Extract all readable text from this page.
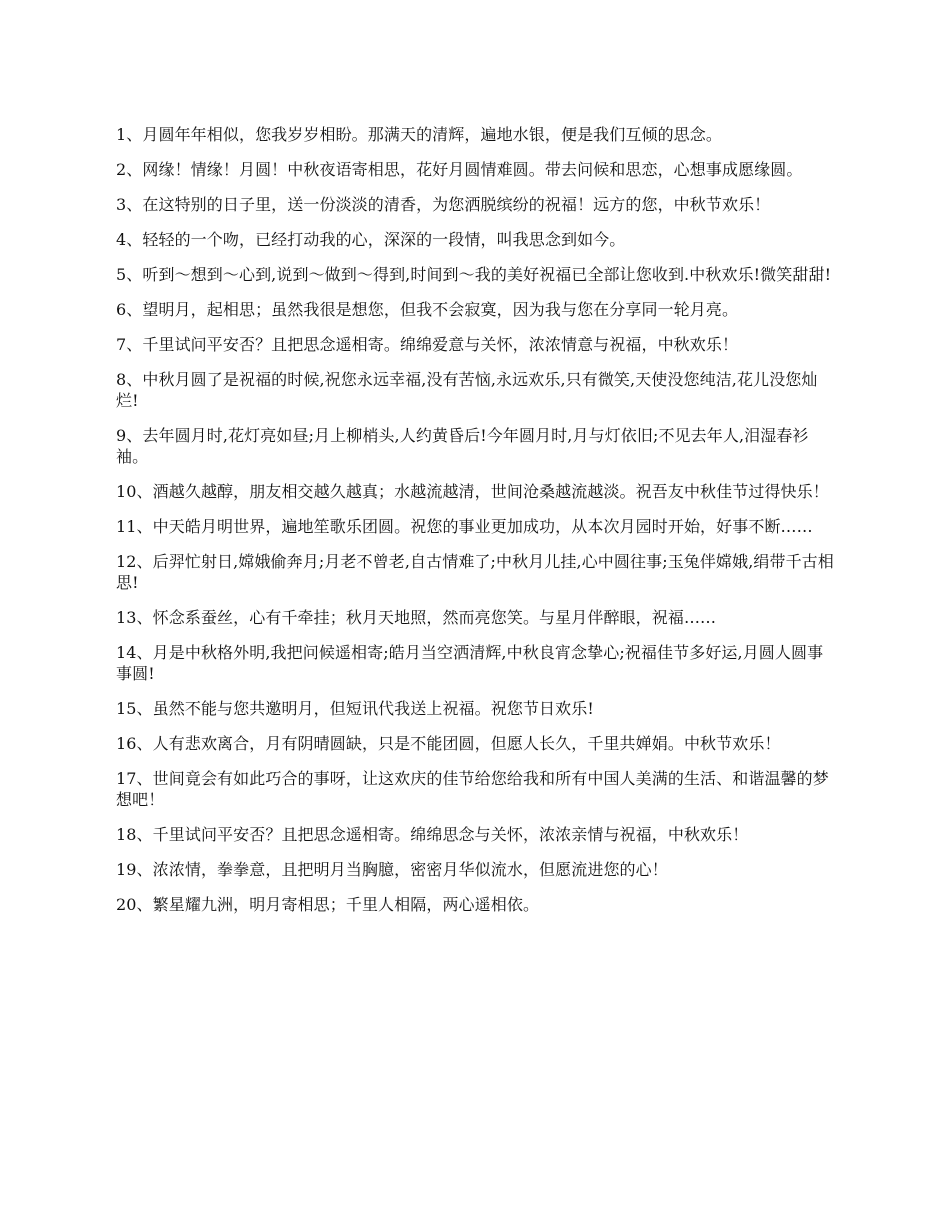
1、月圆年年相似，您我岁岁相盼。那满天的清辉，遍地水银，便是我们互倾的思念。

2、网缘！情缘！月圆！中秋夜语寄相思，花好月圆情难圆。带去问候和思恋，心想事成愿缘圆。

3、在这特别的日子里，送一份淡淡的清香，为您洒脱缤纷的祝福！远方的您，中秋节欢乐！

4、轻轻的一个吻，已经打动我的心，深深的一段情，叫我思念到如今。

5、听到～想到～心到,说到～做到～得到,时间到～我的美好祝福已全部让您收到.中秋欢乐!微笑甜甜!

6、望明月，起相思；虽然我很是想您，但我不会寂寞，因为我与您在分享同一轮月亮。

7、千里试问平安否？且把思念遥相寄。绵绵爱意与关怀，浓浓情意与祝福，中秋欢乐！

8、中秋月圆了是祝福的时候,祝您永远幸福,没有苦恼,永远欢乐,只有微笑,天使没您纯洁,花儿没您灿烂!

9、去年圆月时,花灯亮如昼;月上柳梢头,人约黄昏后!今年圆月时,月与灯依旧;不见去年人,泪湿春衫袖。

10、酒越久越醇，朋友相交越久越真；水越流越清，世间沧桑越流越淡。祝吾友中秋佳节过得快乐！

11、中天皓月明世界，遍地笙歌乐团圆。祝您的事业更加成功，从本次月园时开始，好事不断……

12、后羿忙射日,嫦娥偷奔月;月老不曾老,自古情难了;中秋月儿挂,心中圆往事;玉兔伴嫦娥,绢带千古相思!

13、怀念系蚕丝，心有千牵挂；秋月天地照，然而亮您笑。与星月伴醉眼，祝福……

14、月是中秋格外明,我把问候遥相寄;皓月当空洒清辉,中秋良宵念挚心;祝福佳节多好运,月圆人圆事事圆!

15、虽然不能与您共邀明月，但短讯代我送上祝福。祝您节日欢乐!

16、人有悲欢离合，月有阴晴圆缺，只是不能团圆，但愿人长久，千里共婵娟。中秋节欢乐！

17、世间竟会有如此巧合的事呀，让这欢庆的佳节给您给我和所有中国人美满的生活、和谐温馨的梦想吧！

18、千里试问平安否？且把思念遥相寄。绵绵思念与关怀，浓浓亲情与祝福，中秋欢乐！

19、浓浓情，拳拳意，且把明月当胸臆，密密月华似流水，但愿流进您的心！

20、繁星耀九洲，明月寄相思；千里人相隔，两心遥相依。
